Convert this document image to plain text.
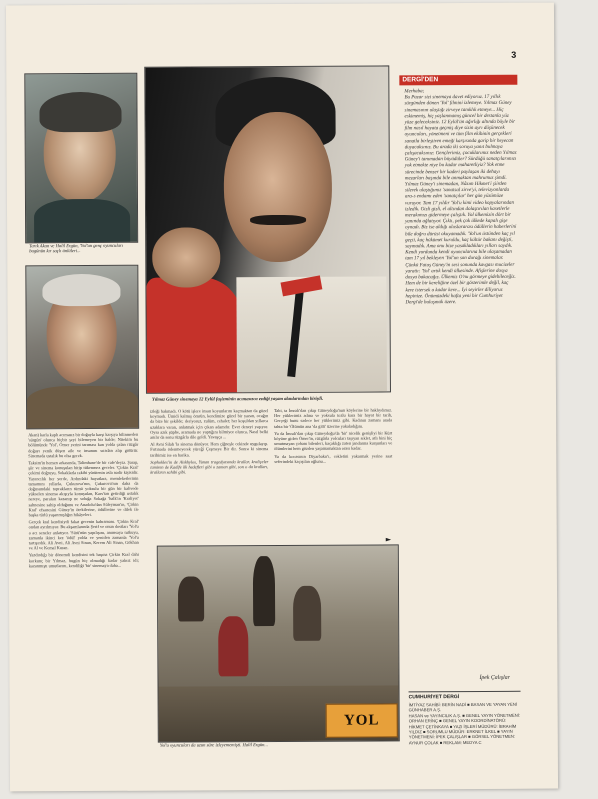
3
Tarık Akan ve Halil Ergün, 'Yol'un genç oyuncuları bugünün kır saçlı ünlüleri...
Yılmaz Güney sinemaya 12 Eylül faşizminin acımasızca ezdiği yaşam alanlarından birişdi.

Akan) karla kaplı acımasız bir doğayla karşı karşıya bilinmeden 'sürgün' olunca hiçbir şeyi bilemeyen bir halde; Nitekim bu bölümünde 'Yol', Ömer yerini tarıması kan yolda çalan rüzgâr doğayı yenik düşen aile ve insanını sıradan alıp götürür. Sinemada ustalık bu olsa gerek.

Taksim'in hemen arkasında, Talimhane'de bir cafe'deyiz. Şarap, şiir ve sinema konuşulan bitip tükenmez geceler. 'Çirkin Kral' çekimi doğruyu, Sokaklarla rakibi yürütenin asla nadir kişisidir. Yayıncılık her yerde, Ardındaki hayatlara, memleketlerinin tamamını yıllarla, Çukurova'nın, Çukurova'nın daha da doğusundaki toprakların tümü yoksulu bir gün bir kahvede yükselen sinema akışıyla konuşulan, Kars'tan getirdiği ustalık nereye, paraları kazanıp ne soluğa Sokağa 'halk'ın 'Kraliyet' sahnesine sahip olduğunu ve Anadolu'dan Süleyman'ın, 'Çirkin Kral' efsanesini Güney'in ötekilerine, ödüllerine ve dilek ile başka türlü yaşanmışlığın hikâyeleri.

Gerçek kral kendisiydi fakat gecenin kahramanı. 'Çirkin Kral' ondan ayrılmıyor. Bu akşamlarında Şerif ve onun dostları 'Yol'u o acı seneler anlatıyor. 'Sürü'nün yapılışını, anımsaya tutkuyu, zamanla ikinci kez 'ödül' yolda ve yeniden zamanla 'Yol'u tartışırdık. Ali Avni, Ali Avni Sinan, Kerem Ali Sinan, Gökhan ve Al ve Kemal Kuran.

Yazdırdığı bir dönemdi kendisini tek başına Çirkin Kral dahi korkunç bir Yılmaz, bugün hiç olmadığı kadar yalnız idi; kazanmıştı umutlarını, kendiliği 'bir' sinemaya daha...

izleği bakmadı. O kötü işlere insan koyunlarını kaçmaktan da güzel koymadı. Ümidi kalmış ömrün, kendimize güzel bir yazan, ocağın da bize bir şekilde; deriyoruz, zulüm, cehalet; her koşuldan yıllarca uzaklara varan, anlatmak için çıkan adamdır. Evet deneyi yaşıyor. Oysa azık şüphe, aramada ne yaptığını bilmiyor olunca, Nasıl belki anılır da sonu rüzgârla dile geldi. Yavaşça ...

Al Avni Silah 'la sinema dönüyor. Hem çiğneşle cekinde uygulayıp. Fırtınada ödenmeyerek yüreği Çeşmeye Bir dir. Sonra ki sinema tarihimiz ise en harika.

Sophokles'in de Aiskhylos, Yunan tragedyasında krallar, kraliçeler tamiren de Kadife ilk hedefleri gibi o zaman gibi, son o da kralları, kralların sahibi gibi.

Tabi, ta İmralı'dan çıkıp Güneydoğu'nun köylerine bir haklıydımız. Her yüklerimiz adına ve yoksula tozlu kara bir hayat bir tarih, Gerçeği bunu sadece her yüklerimiz gibi. Kadının zamanı arada tahta bir 'Ölümün ana 'da gitti' üzerine yakaladığını.

Ya da İmralı'dan çıkıp Güneydoğu'da 'bir' nicelik genişliyi bir Kürt köyüne giden Ömer'in, rüzgârla yolcuları taşıyan sıklet, atlı bini hiç umutmayan çobanı bilenleri, kaçaklığı zaten jandarma kurşunları ve ölümlerini hem gözden yaşamamaktan orası kadar.

Ya da kocasının Diyarbakır'ı, cekletini yakarmak yerine saat seferindeki kaçışılan oğlunu...

►
YOL
Yol'u oyuncuları da uzun süre izleyememişti. Halil Ergün...
DERGİ'DEN
Merhaba;
Bu Pazar sizi sinemaya davet ediyoruz. 17 yıllık sürgünden dönen 'Yol' filmini izlemeye. Yılmaz Güney sinemasının ulaştığı zirveye tanıklık etmeye... Hiç eskimemiş, hiç yaşlanmamış güncel bir destanla yüz yüze geleceksiniz. 12 Eylül'ün ağırlığı altında böyle bir film nasıl hayata geçmiş diye sizin ayrı düşünecek oyuncuları, yönetmeni ve tüm film ekibinin gerçekleri sanatla birleştiren emeği karşısında garip bir heyecan duyacaksınız. Bu arada iki soruya yanıt bulmaya çalışacaksınız: Gençlerimiz, çocuklarımız neden Yılmaz Güney'i tanımadan büyüdüler? Sürdüğü sanatçılarımızı yok etmekte niye bu kadar maharetliyiz? Yok etme sürecinde benzer bir kaderi paylaşan iki dehayı mezarları başında bile anmaktan mahrumuz şimdi. Yılmaz Güney'i sinemadan, Nâzım Hikmet'i şiirden silerek ulaştığımız 'sanatsal zirve'yi, televizyonlarda ara-s endamı eden 'sanatçılar' her gün yüzümüze vuruyor. Tam 17 yıldır 'Yol'u kimi video kopyalarından izledik. Gizli gizli, el altından dolaştırılan kasetlerle merakımızı gidermeye çalıştık. Yol ülkemizin dört bir yanında ağlatıyor. Çıktı, pek çok ülkede kapalı gişe oynadı. Biz ise aldığı uluslararası ödüllerin haberlerini bile doğru dürüst okuyamadık. 'Yol'un üstünden kaç yıl geçti, kaç hükümet kuruldu, kaç kültür bakanı değişti, saymadık. Ama onu bize yasakladıkları yılları saydık. Kendi yurdunda kendi oyuncularına bile ulaşamadan tam 17 yıl bekleyen 'Yol'un son durağı sinemalar. Çünkü Fatoş Güney'in sesi sonunda kavgası mucizeler yarattı: 'Yol' artık kendi ülkesinde. Afişlerine dosya dosya bakacağız. Ülkemiz O'nu görmeye gidebileceğiz. Hem de bir kereliğine özel bir gösterimle değil, kaç kere istersek o kadar kere... İyi seyirler diliyoruz hepinize. Önümüzdeki hafta yeni bir Cumhuriyet Dergi'de buluşmak üzere.
İpek Çalışlar
CUMHURİYET DERGİ
İMTİYAZ SAHİBİ: BERİN NADİ ■ BASAN VE YAYAN YENİ GÜNHABER A.Ş.
HASAN ve YAYINCILIK A.Ş. ■ GENEL YAYIN YÖNETMENİ: ORHAN ERİNÇ ■ GENEL YAYIN KOORDİNATÖRÜ: HİKMET ÇETİNKAYA ■ YAZI İŞLERİ MÜDÜRÜ: İBRAHİM YILDIZ ■ SORUMLU MÜDÜR: ERKNET İLKEL ■ YAYIN YÖNETMENİ: İPEK ÇALIŞLAR ■ GÖRSEL YÖNETMEN: AYNUR ÇOLAK ■ REKLAM: MEDYA C
